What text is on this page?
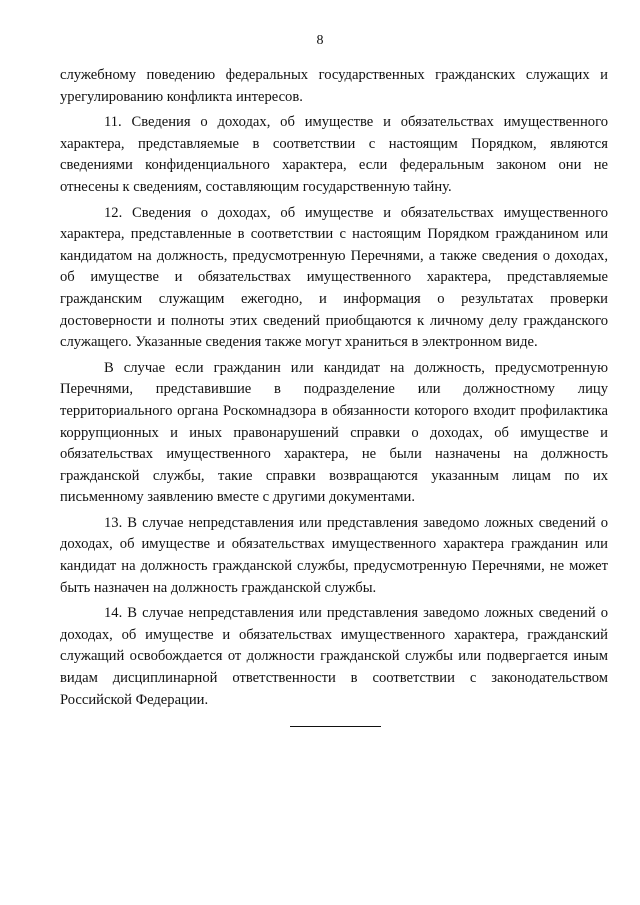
8

служебному поведению федеральных государственных гражданских служащих и урегулированию конфликта интересов.

11. Сведения о доходах, об имуществе и обязательствах имущественного характера, представляемые в соответствии с настоящим Порядком, являются сведениями конфиденциального характера, если федеральным законом они не отнесены к сведениям, составляющим государственную тайну.

12. Сведения о доходах, об имуществе и обязательствах имущественного характера, представленные в соответствии с настоящим Порядком гражданином или кандидатом на должность, предусмотренную Перечнями, а также сведения о доходах, об имуществе и обязательствах имущественного характера, представляемые гражданским служащим ежегодно, и информация о результатах проверки достоверности и полноты этих сведений приобщаются к личному делу гражданского служащего. Указанные сведения также могут храниться в электронном виде.

В случае если гражданин или кандидат на должность, предусмотренную Перечнями, представившие в подразделение или должностному лицу территориального органа Роскомнадзора в обязанности которого входит профилактика коррупционных и иных правонарушений справки о доходах, об имуществе и обязательствах имущественного характера, не были назначены на должность гражданской службы, такие справки возвращаются указанным лицам по их письменному заявлению вместе с другими документами.

13. В случае непредставления или представления заведомо ложных сведений о доходах, об имуществе и обязательствах имущественного характера гражданин или кандидат на должность гражданской службы, предусмотренную Перечнями, не может быть назначен на должность гражданской службы.

14. В случае непредставления или представления заведомо ложных сведений о доходах, об имуществе и обязательствах имущественного характера, гражданский служащий освобождается от должности гражданской службы или подвергается иным видам дисциплинарной ответственности в соответствии с законодательством Российской Федерации.
